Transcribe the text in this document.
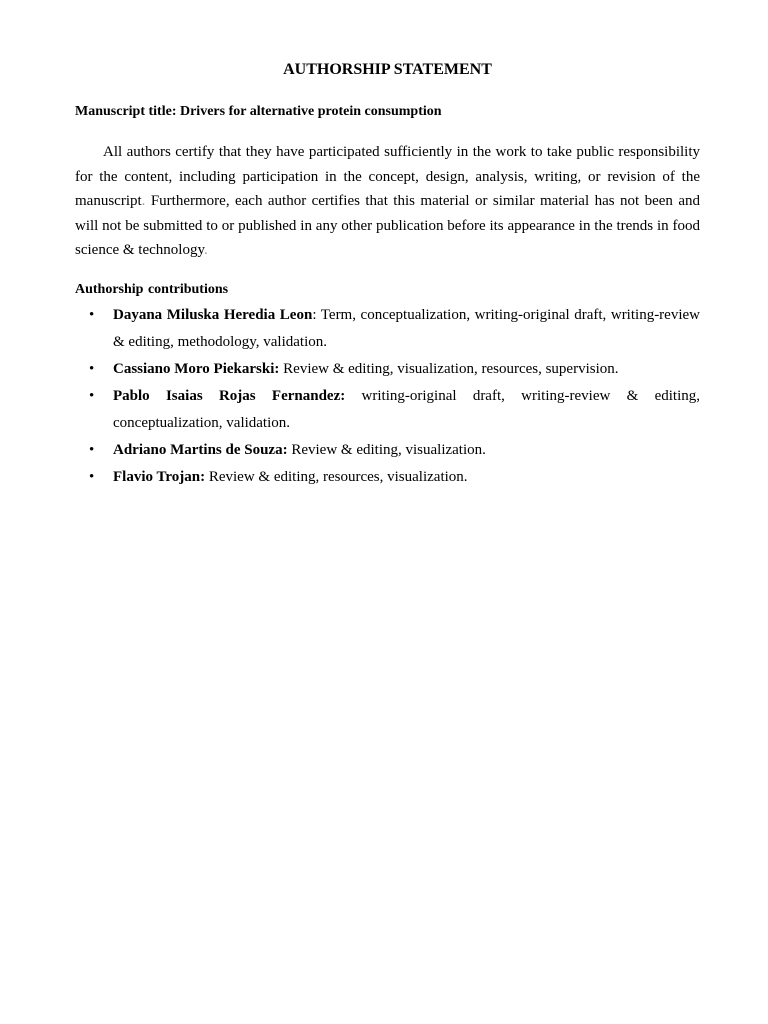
AUTHORSHIP STATEMENT

Manuscript title: Drivers for alternative protein consumption

All authors certify that they have participated sufficiently in the work to take public responsibility for the content, including participation in the concept, design, analysis, writing, or revision of the manuscript. Furthermore, each author certifies that this material or similar material has not been and will not be submitted to or published in any other publication before its appearance in the trends in food science & technology.

Authorship contributions

• Dayana Miluska Heredia Leon: Term, conceptualization, writing-original draft, writing-review & editing, methodology, validation.
• Cassiano Moro Piekarski: Review & editing, visualization, resources, supervision.
• Pablo Isaias Rojas Fernandez: writing-original draft, writing-review & editing, conceptualization, validation.
• Adriano Martins de Souza: Review & editing, visualization.
• Flavio Trojan: Review & editing, resources, visualization.
